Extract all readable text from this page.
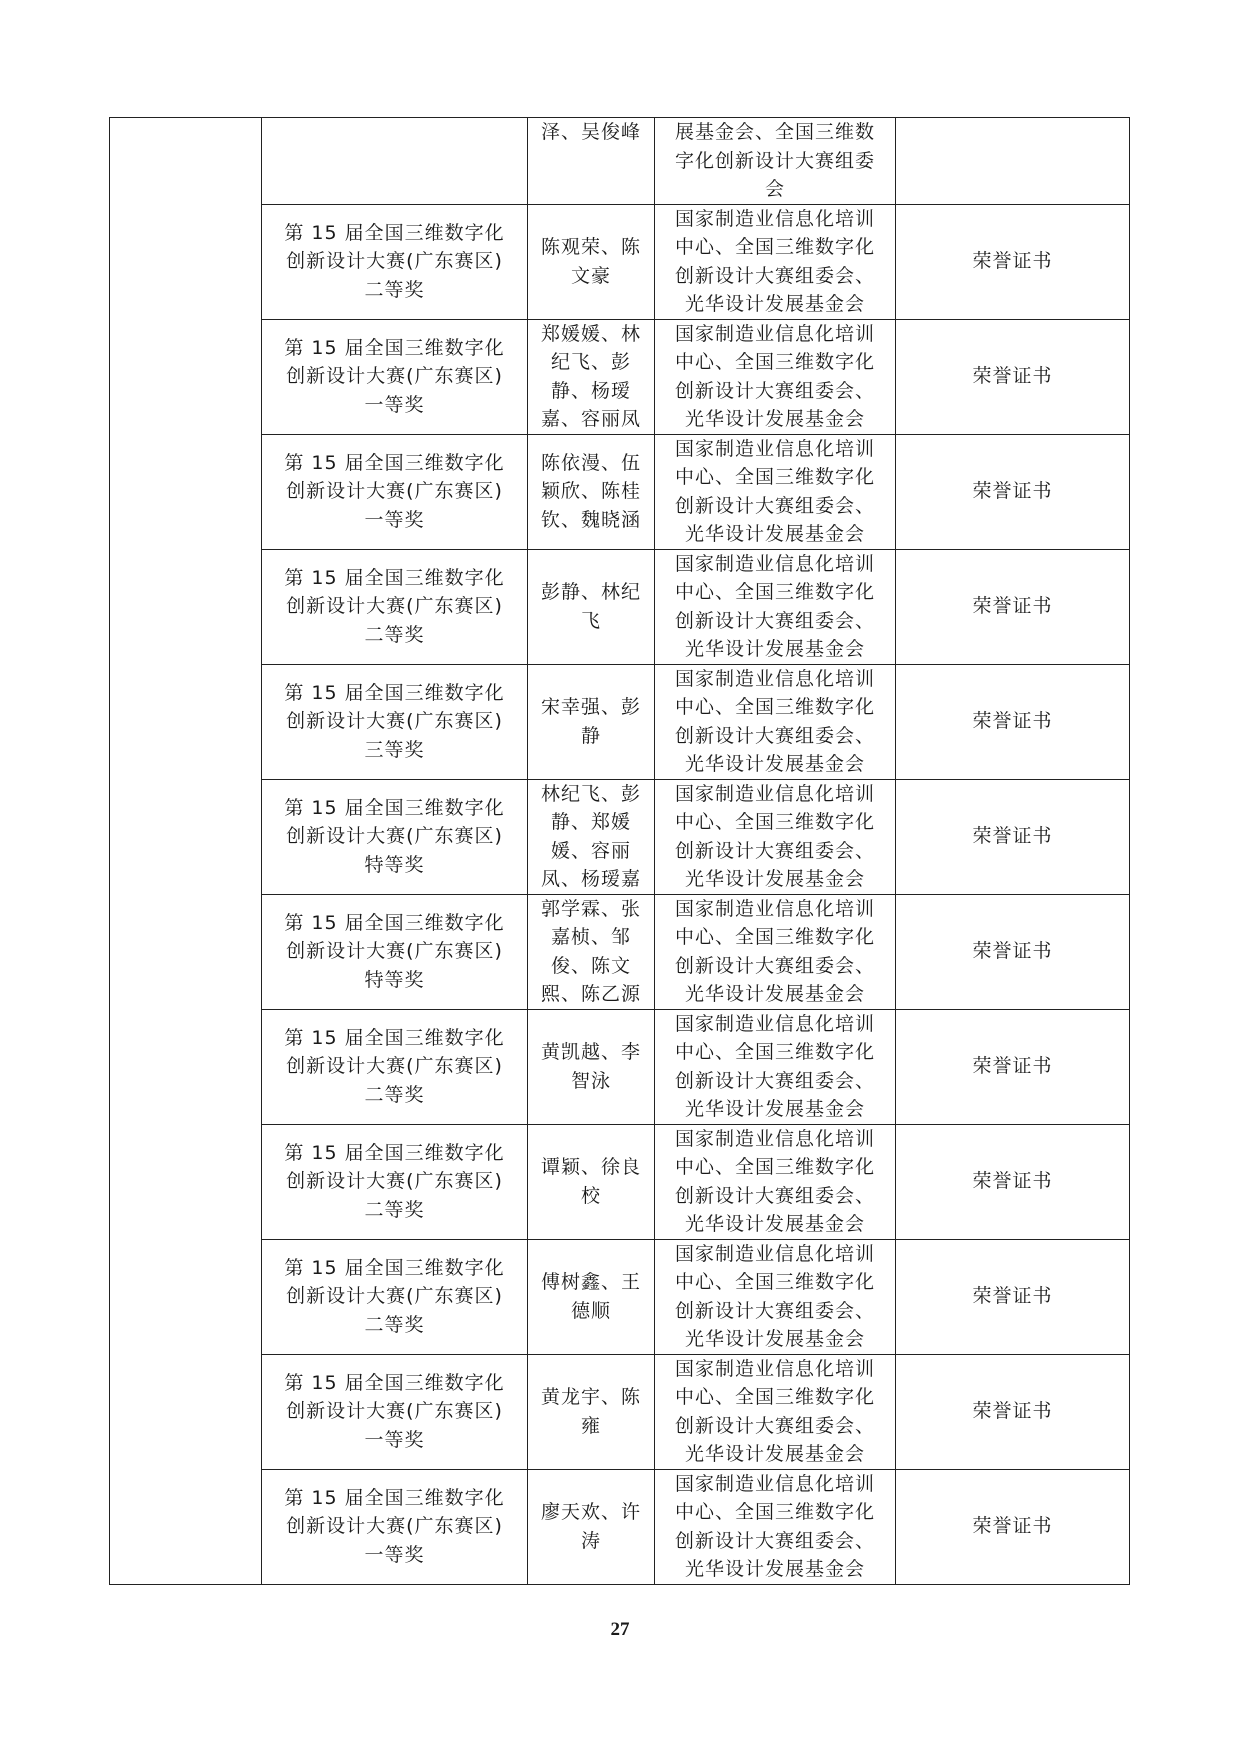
		泽、吴俊峰	展基金会、全国三维数
字化创新设计大赛组委
会	

	第 15 届全国三维数字化
创新设计大赛(广东赛区)
二等奖	陈观荣、陈
文豪	国家制造业信息化培训
中心、全国三维数字化
创新设计大赛组委会、
光华设计发展基金会	荣誉证书

	第 15 届全国三维数字化
创新设计大赛(广东赛区)
一等奖	郑媛媛、林
纪飞、彭
静、杨瑷
嘉、容丽凤	国家制造业信息化培训
中心、全国三维数字化
创新设计大赛组委会、
光华设计发展基金会	荣誉证书

	第 15 届全国三维数字化
创新设计大赛(广东赛区)
一等奖	陈依漫、伍
颖欣、陈桂
钦、魏晓涵	国家制造业信息化培训
中心、全国三维数字化
创新设计大赛组委会、
光华设计发展基金会	荣誉证书

	第 15 届全国三维数字化
创新设计大赛(广东赛区)
二等奖	彭静、林纪
飞	国家制造业信息化培训
中心、全国三维数字化
创新设计大赛组委会、
光华设计发展基金会	荣誉证书

	第 15 届全国三维数字化
创新设计大赛(广东赛区)
三等奖	宋幸强、彭
静	国家制造业信息化培训
中心、全国三维数字化
创新设计大赛组委会、
光华设计发展基金会	荣誉证书

	第 15 届全国三维数字化
创新设计大赛(广东赛区)
特等奖	林纪飞、彭
静、郑媛
媛、容丽
凤、杨瑷嘉	国家制造业信息化培训
中心、全国三维数字化
创新设计大赛组委会、
光华设计发展基金会	荣誉证书

	第 15 届全国三维数字化
创新设计大赛(广东赛区)
特等奖	郭学霖、张
嘉桢、邹
俊、陈文
熙、陈乙源	国家制造业信息化培训
中心、全国三维数字化
创新设计大赛组委会、
光华设计发展基金会	荣誉证书

	第 15 届全国三维数字化
创新设计大赛(广东赛区)
二等奖	黄凯越、李
智泳	国家制造业信息化培训
中心、全国三维数字化
创新设计大赛组委会、
光华设计发展基金会	荣誉证书

	第 15 届全国三维数字化
创新设计大赛(广东赛区)
二等奖	谭颖、徐良
校	国家制造业信息化培训
中心、全国三维数字化
创新设计大赛组委会、
光华设计发展基金会	荣誉证书

	第 15 届全国三维数字化
创新设计大赛(广东赛区)
二等奖	傅树鑫、王
德顺	国家制造业信息化培训
中心、全国三维数字化
创新设计大赛组委会、
光华设计发展基金会	荣誉证书

	第 15 届全国三维数字化
创新设计大赛(广东赛区)
一等奖	黄龙宇、陈
雍	国家制造业信息化培训
中心、全国三维数字化
创新设计大赛组委会、
光华设计发展基金会	荣誉证书

	第 15 届全国三维数字化
创新设计大赛(广东赛区)
一等奖	廖天欢、许
涛	国家制造业信息化培训
中心、全国三维数字化
创新设计大赛组委会、
光华设计发展基金会	荣誉证书
27
